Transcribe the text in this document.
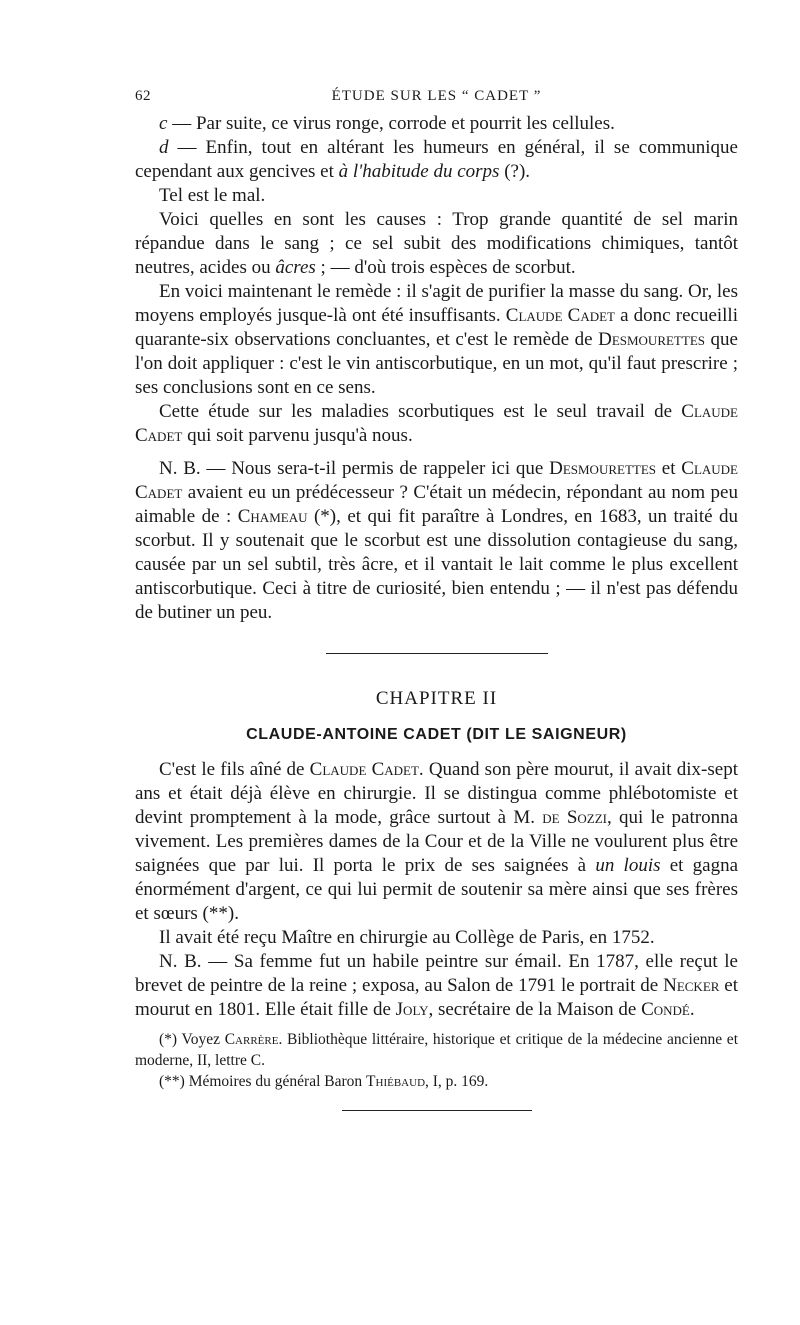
62	ÉTUDE SUR LES “ CADET ”

c — Par suite, ce virus ronge, corrode et pourrit les cellules.

d — Enfin, tout en altérant les humeurs en général, il se communique cependant aux gencives et à l'habitude du corps (?).

Tel est le mal.

Voici quelles en sont les causes : Trop grande quantité de sel marin répandue dans le sang ; ce sel subit des modifications chimiques, tantôt neutres, acides ou âcres ; — d'où trois espèces de scorbut.

En voici maintenant le remède : il s'agit de purifier la masse du sang. Or, les moyens employés jusque-là ont été insuffisants. Claude Cadet a donc recueilli quarante-six observations concluantes, et c'est le remède de Desmourettes que l'on doit appliquer : c'est le vin antiscorbutique, en un mot, qu'il faut prescrire ; ses conclusions sont en ce sens.

Cette étude sur les maladies scorbutiques est le seul travail de Claude Cadet qui soit parvenu jusqu'à nous.

N. B. — Nous sera-t-il permis de rappeler ici que Desmourettes et Claude Cadet avaient eu un prédécesseur ? C'était un médecin, répondant au nom peu aimable de : Chameau (*), et qui fit paraître à Londres, en 1683, un traité du scorbut. Il y soutenait que le scorbut est une dissolution contagieuse du sang, causée par un sel subtil, très âcre, et il vantait le lait comme le plus excellent antiscorbutique. Ceci à titre de curiosité, bien entendu ; — il n'est pas défendu de butiner un peu.

CHAPITRE II
CLAUDE-ANTOINE CADET (DIT LE SAIGNEUR)

C'est le fils aîné de Claude Cadet. Quand son père mourut, il avait dix-sept ans et était déjà élève en chirurgie. Il se distingua comme phlébotomiste et devint promptement à la mode, grâce surtout à M. de Sozzi, qui le patronna vivement. Les premières dames de la Cour et de la Ville ne voulurent plus être saignées que par lui. Il porta le prix de ses saignées à un louis et gagna énormément d'argent, ce qui lui permit de soutenir sa mère ainsi que ses frères et sœurs (**).

Il avait été reçu Maître en chirurgie au Collège de Paris, en 1752.

N. B. — Sa femme fut un habile peintre sur émail. En 1787, elle reçut le brevet de peintre de la reine ; exposa, au Salon de 1791 le portrait de Necker et mourut en 1801. Elle était fille de Joly, secrétaire de la Maison de Condé.

(*) Voyez Carrère. Bibliothèque littéraire, historique et critique de la médecine ancienne et moderne, II, lettre C.

(**) Mémoires du général Baron Thiébaud, I, p. 169.
